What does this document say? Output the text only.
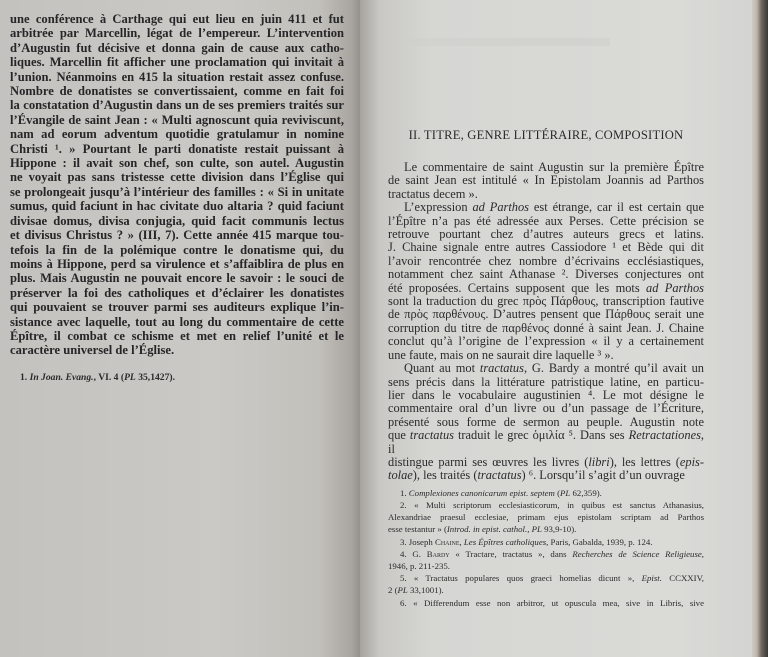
une conférence à Carthage qui eut lieu en juin 411 et fut
arbitrée par Marcellin, légat de l’empereur. L’intervention
d’Augustin fut décisive et donna gain de cause aux catho-
liques. Marcellin fit afficher une proclamation qui invitait à
l’union. Néanmoins en 415 la situation restait assez confuse.
Nombre de donatistes se convertissaient, comme en fait foi
la constatation d’Augustin dans un de ses premiers traités sur
l’Évangile de saint Jean : « Multi agnoscunt quia reviviscunt,
nam ad eorum adventum quotidie gratulamur in nomine
Christi ¹. » Pourtant le parti donatiste restait puissant à
Hippone : il avait son chef, son culte, son autel. Augustin
ne voyait pas sans tristesse cette division dans l’Église qui
se prolongeait jusqu’à l’intérieur des familles : « Si in unitate
sumus, quid faciunt in hac civitate duo altaria ? quid faciunt
divisae domus, divisa conjugia, quid facit communis lectus
et divisus Christus ? » (III, 7). Cette année 415 marque tou-
tefois la fin de la polémique contre le donatisme qui, du
moins à Hippone, perd sa virulence et s’affaiblira de plus en
plus. Mais Augustin ne pouvait encore le savoir : le souci de
préserver la foi des catholiques et d’éclairer les donatistes
qui pouvaient se trouver parmi ses auditeurs explique l’in-
sistance avec laquelle, tout au long du commentaire de cette
Épître, il combat ce schisme et met en relief l’unité et le
caractère universel de l’Église.
1. In Joan. Evang., VI. 4 (PL 35,1427).
II. TITRE, GENRE LITTÉRAIRE, COMPOSITION
Le commentaire de saint Augustin sur la première Épître
de saint Jean est intitulé « In Epistolam Joannis ad Parthos
tractatus decem ».
L’expression ad Parthos est étrange, car il est certain que
l’Épître n’a pas été adressée aux Perses. Cette précision se
retrouve pourtant chez d’autres auteurs grecs et latins.
J. Chaine signale entre autres Cassiodore ¹ et Bède qui dit
l’avoir rencontrée chez nombre d’écrivains ecclésiastiques,
notamment chez saint Athanase ². Diverses conjectures ont
été proposées. Certains supposent que les mots ad Parthos
sont la traduction du grec πρὸς Πάρθους, transcription fautive
de πρὸς παρθένους. D’autres pensent que Πάρθους serait une
corruption du titre de παρθένος donné à saint Jean. J. Chaine
conclut qu’à l’origine de l’expression « il y a certainement
une faute, mais on ne saurait dire laquelle ³ ».
Quant au mot tractatus, G. Bardy a montré qu’il avait un
sens précis dans la littérature patristique latine, en particu-
lier dans le vocabulaire augustinien ⁴. Le mot désigne le
commentaire oral d’un livre ou d’un passage de l’Écriture,
présenté sous forme de sermon au peuple. Augustin note
que tractatus traduit le grec ὁμιλία ⁵. Dans ses Retractationes, il
distingue parmi ses œuvres les livres (libri), les lettres (epis-
tolae), les traités (tractatus) ⁶. Lorsqu’il s’agit d’un ouvrage
1. Complexiones canonicarum epist. septem (PL 62,359).
2. « Multi scriptorum ecclesiasticorum, in quibus est sanctus Athanasius,
Alexandriae praesul ecclesiae, primam ejus epistolam scriptam ad Parthos
esse testantur » (Introd. in epist. cathol., PL 93,9-10).
3. Joseph Chaine, Les Épîtres catholiques, Paris, Gabalda, 1939, p. 124.
4. G. Bardy « Tractare, tractatus », dans Recherches de Science Religieuse,
1946, p. 211-235.
5. « Tractatus populares quos graeci homelias dicunt », Epist. CCXXIV,
2 (PL 33,1001).
6. « Differendum esse non arbitror, ut opuscula mea, sive in Libris, sive
